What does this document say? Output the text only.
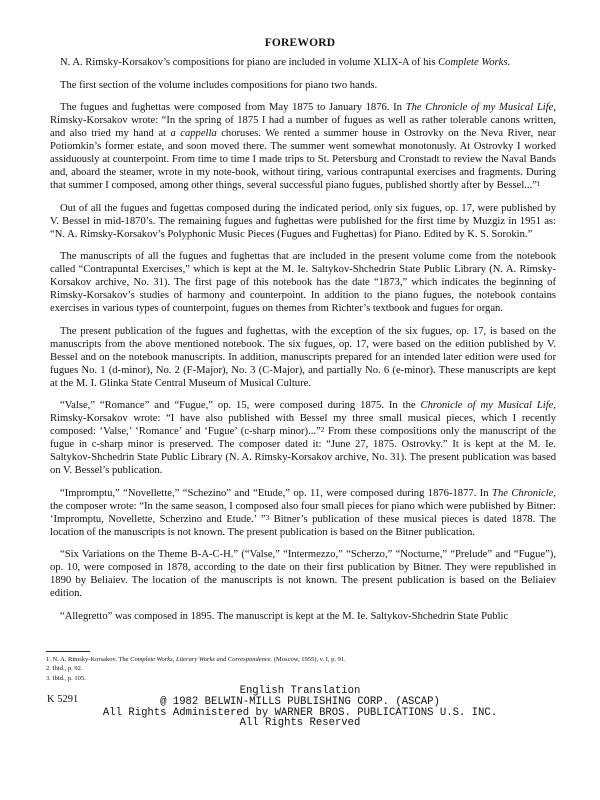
FOREWORD

N. A. Rimsky-Korsakov’s compositions for piano are included in volume XLIX-A of his Complete Works.

The first section of the volume includes compositions for piano two hands.

The fugues and fughettas were composed from May 1875 to January 1876. In The Chronicle of my Musical Life, Rimsky-Korsakov wrote: “In the spring of 1875 I had a number of fugues as well as rather tolerable canons written, and also tried my hand at a cappella choruses. We rented a summer house in Ostrovky on the Neva River, near Potiomkin’s former estate, and soon moved there. The summer went somewhat monotonusly. At Ostrovky I worked assiduously at counterpoint. From time to time I made trips to St. Petersburg and Cronstadt to review the Naval Bands and, aboard the steamer, wrote in my note-book, without tiring, various contrapuntal exercises and fragments. During that summer I composed, among other things, several successful piano fugues, published shortly after by Bessel...”$^1$

Out of all the fugues and fugettas composed during the indicated period, only six fugues, op. 17, were published by V. Bessel in mid-1870’s. The remaining fugues and fughettas were published for the first time by Muzgiz in 1951 as: “N. A. Rimsky-Korsakov’s Polyphonic Music Pieces (Fugues and Fughettas) for Piano. Edited by K. S. Sorokin.”

The manuscripts of all the fugues and fughettas that are included in the present volume come from the notebook called “Contrapuntal Exercises,” which is kept at the M. Ie. Saltykov-Shchedrin State Public Library (N. A. Rimsky-Korsakov archive, No. 31). The first page of this notebook has the date “1873,” which indicates the beginning of Rimsky-Korsakov’s studies of harmony and counterpoint. In addition to the piano fugues, the notebook contains exercises in various types of counterpoint, fugues on themes from Richter’s textbook and fugues for organ.

The present publication of the fugues and fughettas, with the exception of the six fugues, op. 17, is based on the manuscripts from the above mentioned notebook. The six fugues, op. 17, were based on the edition published by V. Bessel and on the notebook manuscripts. In addition, manuscripts prepared for an intended later edition were used for fugues No. 1 (d-minor), No. 2 (F-Major), No. 3 (C-Major), and partially No. 6 (e-minor). These manuscripts are kept at the M. I. Glinka State Central Museum of Musical Culture.

“Valse,” “Romance” and “Fugue,” op. 15, were composed during 1875. In the Chronicle of my Musical Life, Rimsky-Korsakov wrote: “I have also published with Bessel my three small musical pieces, which I recently composed: ‘Valse,’ ‘Romance’ and ‘Fugue’ (c-sharp minor)...”$^2$ From these compositions only the manuscript of the fugue in c-sharp minor is preserved. The composer dated it: “June 27, 1875. Ostrovky.” It is kept at the M. Ie. Saltykov-Shchedrin State Public Library (N. A. Rimsky-Korsakov archive, No. 31). The present publication was based on V. Bessel’s publication.

“Impromptu,” “Novellette,” “Schezino” and “Etude,” op. 11, were composed during 1876-1877. In The Chronicle, the composer wrote: “In the same season, I composed also four small pieces for piano which were published by Bitner: ‘Impromptu, Novellette, Scherzino and Etude.’ ”$^3$ Bitner’s publication of these musical pieces is dated 1878. The location of the manuscripts is not known. The present publication is based on the Bitner publication.

“Six Variations on the Theme B-A-C-H.” (“Valse,” “Intermezzo,” “Scherzo,” “Nocturne,” “Prelude” and “Fugue”), op. 10, were composed in 1878, according to the date on their first publication by Bitner. They were republished in 1890 by Beliaiev. The location of the manuscripts is not known. The present publication is based on the Beliaiev edition.

“Allegretto” was composed in 1895. The manuscript is kept at the M. Ie. Saltykov-Shchedrin State Public

1. N. A. Rimsky-Korsakov. The Complete Works, Literary Works and Correspondence. (Moscow, 1955), v. I, p. 91.
2. Ibid., p. 92.
3. Ibid., p. 105.
K 5291
English Translation
@ 1982 BELWIN-MILLS PUBLISHING CORP. (ASCAP)
All Rights Administered by WARNER BROS. PUBLICATIONS U.S. INC.
All Rights Reserved
